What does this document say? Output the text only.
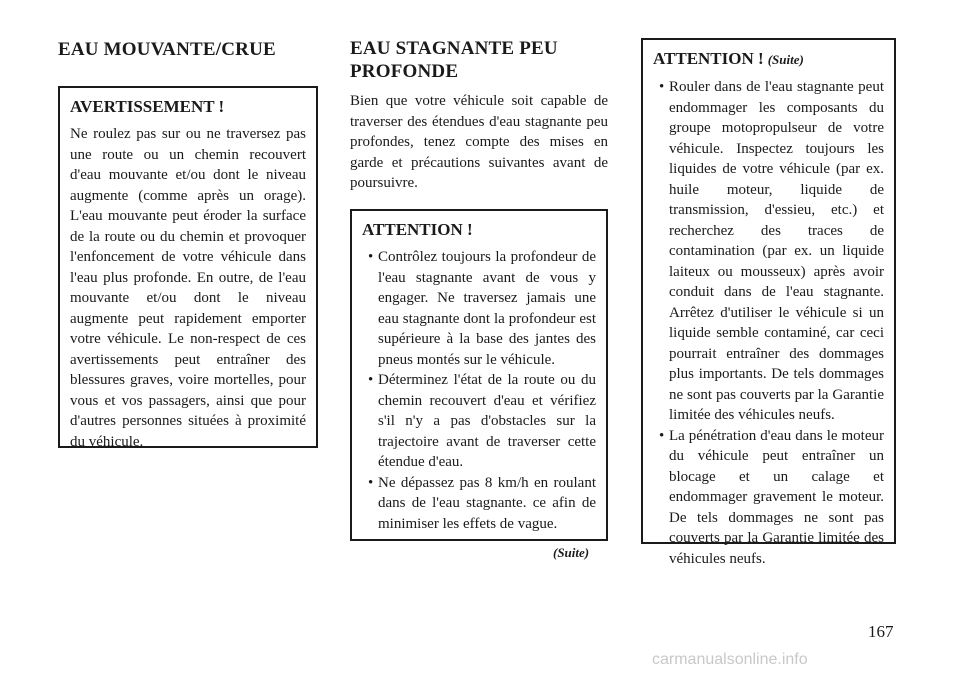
EAU MOUVANTE/CRUE
AVERTISSEMENT !

Ne roulez pas sur ou ne traversez pas une route ou un chemin recouvert d'eau mouvante et/ou dont le niveau augmente (comme après un orage). L'eau mouvante peut éroder la surface de la route ou du chemin et provoquer l'enfoncement de votre véhicule dans l'eau plus profonde. En outre, de l'eau mouvante et/ou dont le niveau augmente peut rapidement emporter votre véhicule. Le non-respect de ces avertissements peut entraîner des blessures graves, voire mortelles, pour vous et vos passagers, ainsi que pour d'autres personnes situées à proximité du véhicule.

EAU STAGNANTE PEU PROFONDE

Bien que votre véhicule soit capable de traverser des étendues d'eau stagnante peu profondes, tenez compte des mises en garde et précautions suivantes avant de poursuivre.

ATTENTION !
• Contrôlez toujours la profondeur de l'eau stagnante avant de vous y engager. Ne traversez jamais une eau stagnante dont la profondeur est supérieure à la base des jantes des pneus montés sur le véhicule.
• Déterminez l'état de la route ou du chemin recouvert d'eau et vérifiez s'il n'y a pas d'obstacles sur la trajectoire avant de traverser cette étendue d'eau.
• Ne dépassez pas 8 km/h en roulant dans de l'eau stagnante. ce afin de minimiser les effets de vague.
(Suite)
ATTENTION ! (Suite)
• Rouler dans de l'eau stagnante peut endommager les composants du groupe motopropulseur de votre véhicule. Inspectez toujours les liquides de votre véhicule (par ex. huile moteur, liquide de transmission, d'essieu, etc.) et recherchez des traces de contamination (par ex. un liquide laiteux ou mousseux) après avoir conduit dans de l'eau stagnante. Arrêtez d'utiliser le véhicule si un liquide semble contaminé, car ceci pourrait entraîner des dommages plus importants. De tels dommages ne sont pas couverts par la Garantie limitée des véhicules neufs.
• La pénétration d'eau dans le moteur du véhicule peut entraîner un blocage et un calage et endommager gravement le moteur. De tels dommages ne sont pas couverts par la Garantie limitée des véhicules neufs.
167
carmanualsonline.info
